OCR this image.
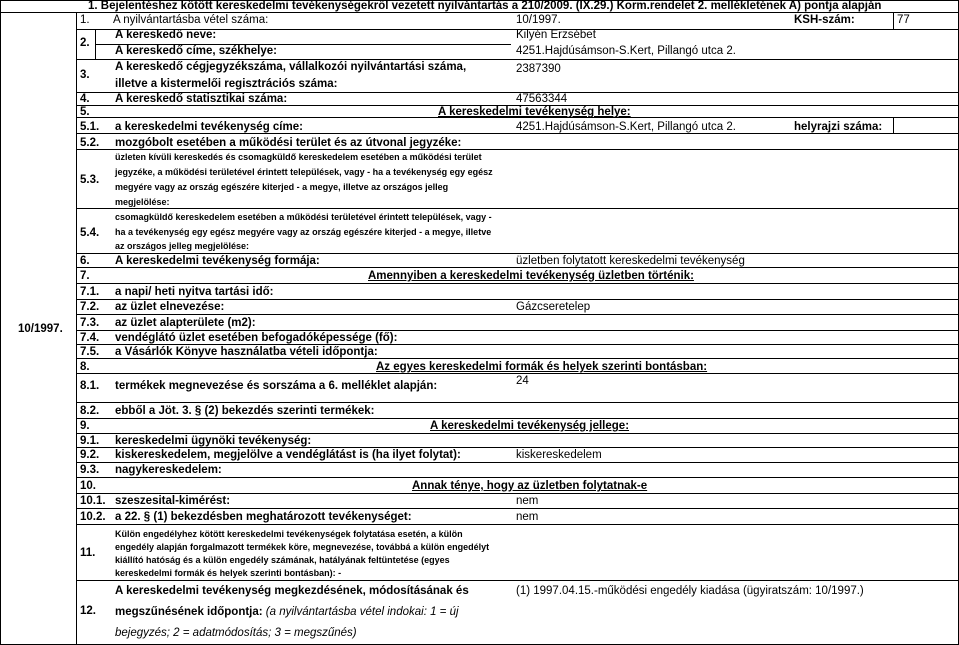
1. Bejelentéshez kötött kereskedelmi tevékenységekről vezetett nyilvántartás a 210/2009. (IX.29.) Korm.rendelet 2. mellékletének A) pontja alapján
10/1997.
1. A nyilvántartásba vétel száma:	10/1997.	KSH-szám:	77
2.
A kereskedő neve:	Kilyén Erzsébet
A kereskedő címe, székhelye:	4251.Hajdúsámson-S.Kert, Pillangó utca 2.
3.
A kereskedő cégjegyzékszáma, vállalkozói nyilvántartási száma,
illetve a kistermelői regisztrációs száma:
2387390
4. A kereskedő statisztikai száma:	47563344
5.	A kereskedelmi tevékenység helye:
5.1. a kereskedelmi tevékenység címe:	4251.Hajdúsámson-S.Kert, Pillangó utca 2.	helyrajzi száma:
5.2. mozgóbolt esetében a működési terület és az útvonal jegyzéke:
5.3.
üzleten kívüli kereskedés és csomagküldő kereskedelem esetében a működési terület
jegyzéke, a működési területével érintett települések, vagy - ha a tevékenység egy egész
megyére vagy az ország egészére kiterjed - a megye, illetve az országos jelleg
megjelölése:
5.4.
csomagküldő kereskedelem esetében a működési területével érintett települések, vagy -
ha a tevékenység egy egész megyére vagy az ország egészére kiterjed - a megye, illetve
az országos jelleg megjelölése:
6. A kereskedelmi tevékenység formája:	üzletben folytatott kereskedelmi tevékenység
7.	Amennyiben a kereskedelmi tevékenység üzletben történik:
7.1. a napi/ heti nyitva tartási idő:
7.2. az üzlet elnevezése:	Gázcseretelep
7.3. az üzlet alapterülete (m2):
7.4. vendéglátó üzlet esetében befogadóképessége (fő):
7.5. a Vásárlók Könyve használatba vételi időpontja:
8.	Az egyes kereskedelmi formák és helyek szerinti bontásban:
8.1. termékek megnevezése és sorszáma a 6. melléklet alapján:	24
8.2. ebből a Jöt. 3. § (2) bekezdés szerinti termékek:
9.	A kereskedelmi tevékenység jellege:
9.1. kereskedelmi ügynöki tevékenység:
9.2. kiskereskedelem, megjelölve a vendéglátást is (ha ilyet folytat):	kiskereskedelem
9.3. nagykereskedelem:
10.	Annak ténye, hogy az üzletben folytatnak-e
10.1. szeszesital-kimérést:	nem
10.2. a 22. § (1) bekezdésben meghatározott tevékenységet:	nem
11.
Külön engedélyhez kötött kereskedelmi tevékenységek folytatása esetén, a külön
engedély alapján forgalmazott termékek köre, megnevezése, továbbá a külön engedélyt
kiállító hatóság és a külön engedély számának, hatályának feltüntetése (egyes
kereskedelmi formák és helyek szerinti bontásban): -
12.
A kereskedelmi tevékenység megkezdésének, módosításának és
megszűnésének időpontja: (a nyilvántartásba vétel indokai: 1 = új
bejegyzés; 2 = adatmódosítás; 3 = megszűnés)
(1) 1997.04.15.-működési engedély kiadása (ügyiratszám: 10/1997.)
